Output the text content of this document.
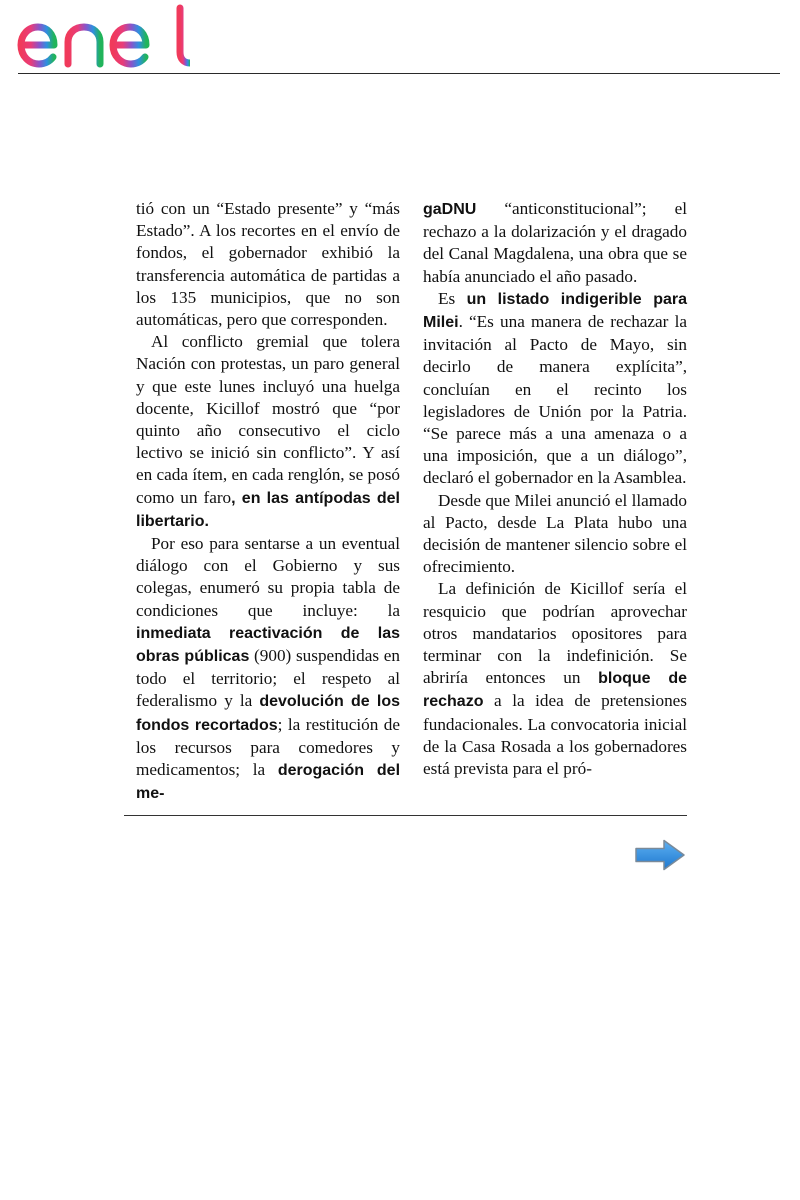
tió con un “Estado presente” y “más Estado”. A los recortes en el envío de fondos, el gobernador exhibió la transferencia automática de partidas a los 135 municipios, que no son automáticas, pero que corresponden.

Al conflicto gremial que tolera Nación con protestas, un paro general y que este lunes incluyó una huelga docente, Kicillof mostró que “por quinto año consecutivo el ciclo lectivo se inició sin conflicto”. Y así en cada ítem, en cada renglón, se posó como un faro, en las antípodas del libertario.

Por eso para sentarse a un eventual diálogo con el Gobierno y sus colegas, enumeró su propia tabla de condiciones que incluye: la inmediata reactivación de las obras públicas (900) suspendidas en todo el territorio; el respeto al federalismo y la devolución de los fondos recortados; la restitución de los recursos para comedores y medicamentos; la derogación del me-

gaDNU “anticonstitucional”; el rechazo a la dolarización y el dragado del Canal Magdalena, una obra que se había anunciado el año pasado.

Es un listado indigerible para Milei. “Es una manera de rechazar la invitación al Pacto de Mayo, sin decirlo de manera explícita”, concluían en el recinto los legisladores de Unión por la Patria. “Se parece más a una amenaza o a una imposición, que a un diálogo”, declaró el gobernador en la Asamblea.

Desde que Milei anunció el llamado al Pacto, desde La Plata hubo una decisión de mantener silencio sobre el ofrecimiento.

La definición de Kicillof sería el resquicio que podrían aprovechar otros mandatarios opositores para terminar con la indefinición. Se abriría entonces un bloque de rechazo a la idea de pretensiones fundacionales. La convocatoria inicial de la Casa Rosada a los gobernadores está prevista para el pró-
